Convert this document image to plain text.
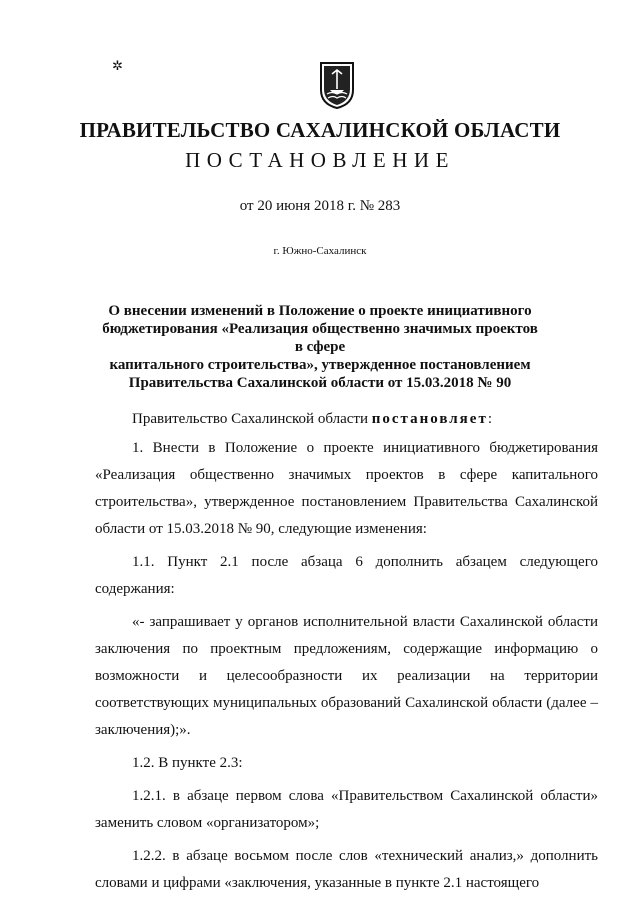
✲
ПРАВИТЕЛЬСТВО САХАЛИНСКОЙ ОБЛАСТИ
ПОСТАНОВЛЕНИЕ
от 20 июня 2018 г. № 283
г. Южно-Сахалинск
О внесении изменений в Положение о проекте инициативного
бюджетирования «Реализация общественно значимых проектов в сфере
капитального строительства», утвержденное постановлением
Правительства Сахалинской области от 15.03.2018 № 90

Правительство Сахалинской области постановляет:

1. Внести в Положение о проекте инициативного бюджетирования «Реализация общественно значимых проектов в сфере капитального строительства», утвержденное постановлением Правительства Сахалинской области от 15.03.2018 № 90, следующие изменения:

1.1. Пункт 2.1 после абзаца 6 дополнить абзацем следующего содержания:

«- запрашивает у органов исполнительной власти Сахалинской области заключения по проектным предложениям, содержащие информацию о возможности и целесообразности их реализации на территории соответствующих муниципальных образований Сахалинской области (далее – заключения);».

1.2. В пункте 2.3:

1.2.1. в абзаце первом слова «Правительством Сахалинской области» заменить словом «организатором»;

1.2.2. в абзаце восьмом после слов «технический анализ,» дополнить словами и цифрами «заключения, указанные в пункте 2.1 настоящего
